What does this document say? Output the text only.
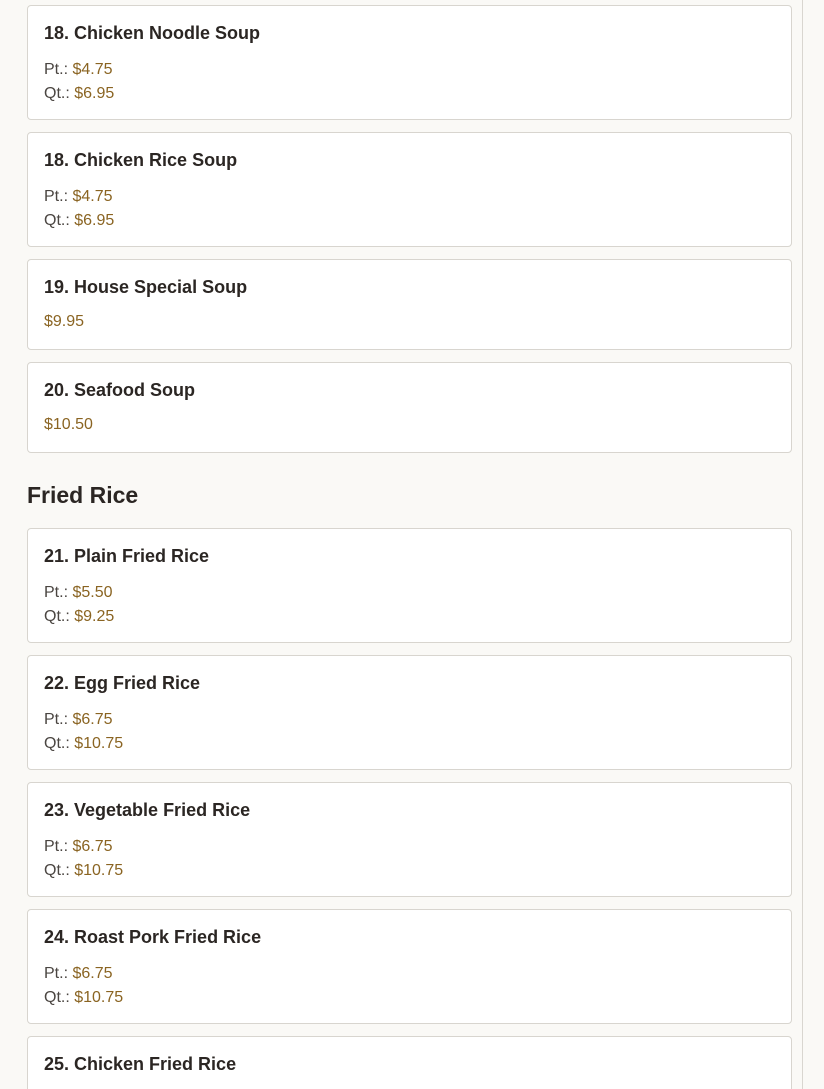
18. Chicken Noodle Soup
Pt.: $4.75
Qt.: $6.95
18. Chicken Rice Soup
Pt.: $4.75
Qt.: $6.95
19. House Special Soup
$9.95
20. Seafood Soup
$10.50
Fried Rice
21. Plain Fried Rice
Pt.: $5.50
Qt.: $9.25
22. Egg Fried Rice
Pt.: $6.75
Qt.: $10.75
23. Vegetable Fried Rice
Pt.: $6.75
Qt.: $10.75
24. Roast Pork Fried Rice
Pt.: $6.75
Qt.: $10.75
25. Chicken Fried Rice
